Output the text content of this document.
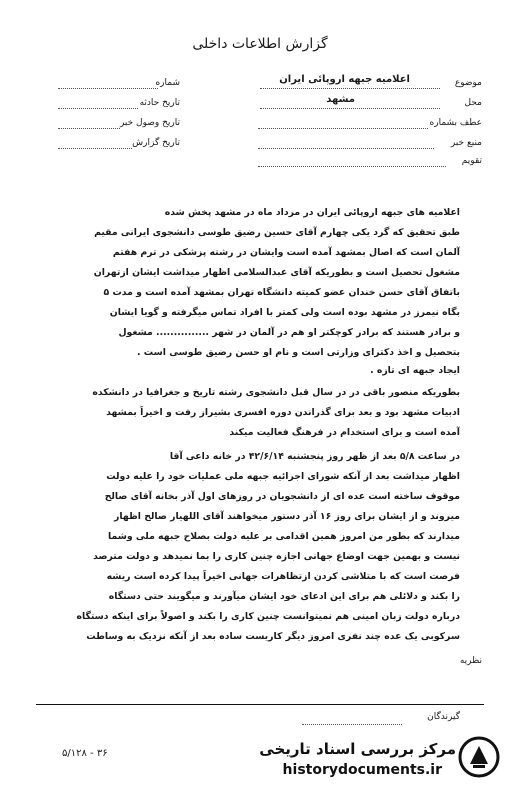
گزارش اطلاعات داخلی
موضوع
اعلامیه جبهه اروپائی ایران
محل
مشهد
عطف بشماره
منبع خبر
تقویم
شماره
تاریخ حادثه
تاریخ وصول خبر
تاریخ گزارش
اعلامیه های جبهه اروپائی ایران در مرداد ماه در مشهد پخش شده
طبق تحقیق که گرد یکی چهارم آقای حسین رضیق طوسی دانشجوی ایرانی مقیم
آلمان است که اصال بمشهد آمده است وایشان در رشته پزشکی در ترم هفتم
مشغول تحصیل است و بطوریکه آقای عبدالسلامی اظهار میداشت ایشان ازتهران
باتفاق آقای حسن خندان عضو کمیته دانشگاه تهران بمشهد آمده است و مدت ۵
بگاه نیمرز در مشهد بوده است ولی کمتر با افراد تماس میگرفته و گویا ایشان
و برادر هستند که برادر کوچکتر او هم در آلمان در شهر ............... مشغول
بتحصیل و اخذ دکترای وزارتی است و نام او حسن رضیق طوسی است .
ایجاد جبهه ای تازه .
بطوریکه منصور باقی در در سال قبل دانشجوی رشته تاریخ و جغرافیا در دانشکده
ادبیات مشهد بود و بعد برای گذراندن دوره افسری بشیراز رفت و اخیراً بمشهد
آمده است و برای استخدام در فرهنگ فعالیت میکند
در ساعت ۵/۸ بعد از ظهر روز پنجشنبه ۴۲/۶/۱۴ در خانه داعی آقا
اظهار میداشت بعد از آنکه شورای اجرائیه جبهه ملی عملیات خود را علیه دولت
موقوف ساخته است عده ای از دانشجویان در روزهای اول آذر بخانه آقای صالح
میروند و از ایشان برای روز ۱۶ آذر دستور میخواهند آقای اللهیار صالح اظهار
میدارند که بطور من امروز همین اقدامی بر علیه دولت بصلاح جبهه ملی وشما
نیست و بهمین جهت اوضاع جهانی اجازه چنین کاری را بما نمیدهد و دولت مترصد
فرصت است که با متلاشی کردن ازتظاهرات جهانی اخیراً پیدا کرده است ریشه
را بکند و دلائلی هم برای این ادعای خود ایشان میآورند و میگویند حتی دستگاه
درباره دولت زبان امینی هم نمیتوانست چنین کاری را بکند و اصولاً برای اینکه دستگاه
سرکوبی یک عده چند نفری امروز دیگر کاریست ساده بعد از آنکه نزدیک به وساطت
نظریه
گیرندگان
۵/۱۲۸ - ۳۶	مرکز بررسی اسناد تاریخی
historydocuments.ir
